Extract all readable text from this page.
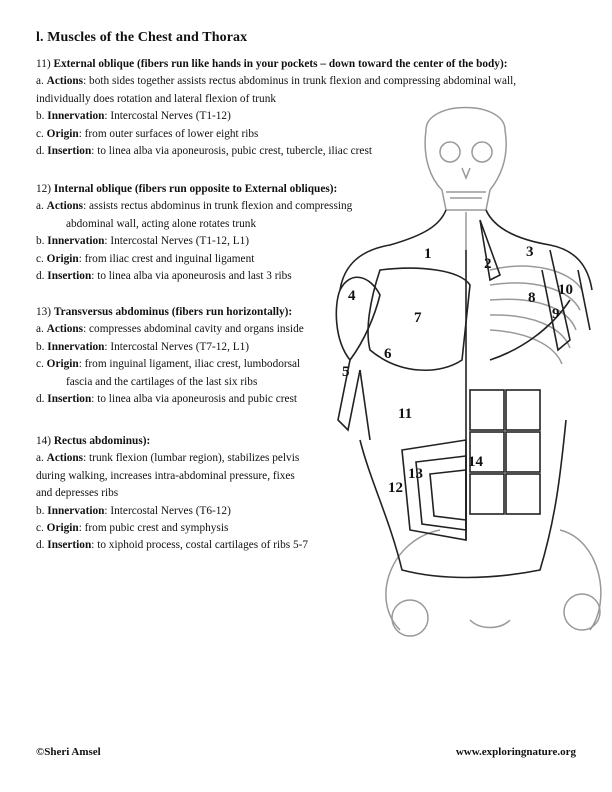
l. Muscles of the Chest and Thorax

11) External oblique (fibers run like hands in your pockets – down toward the center of the body):

a. Actions: both sides together assists rectus abdominus in trunk flexion and compressing abdominal wall,

individually does rotation and lateral flexion of trunk

b. Innervation: Intercostal Nerves (T1-12)

c. Origin: from outer surfaces of lower eight ribs

d. Insertion: to linea alba via aponeurosis, pubic crest, tubercle, iliac crest

12) Internal oblique (fibers run opposite to External obliques):

a. Actions: assists rectus abdominus in trunk flexion and compressing

abdominal wall, acting alone rotates trunk

b. Innervation: Intercostal Nerves (T1-12, L1)

c. Origin: from iliac crest and inguinal ligament

d. Insertion: to linea alba via aponeurosis and last 3 ribs

13) Transversus abdominus (fibers run horizontally):

a. Actions: compresses abdominal cavity and organs inside

b. Innervation: Intercostal Nerves (T7-12, L1)

c. Origin: from inguinal ligament, iliac crest, lumbodorsal

fascia and the cartilages of the last six ribs

d. Insertion: to linea alba via aponeurosis and pubic crest

14) Rectus abdominus):

a. Actions: trunk flexion (lumbar region), stabilizes pelvis

during walking, increases intra-abdominal pressure, fixes

and depresses ribs

b. Innervation: Intercostal Nerves (T6-12)

c. Origin: from pubic crest and symphysis

d. Insertion: to xiphoid process, costal cartilages of ribs 5-7

1
2
3
4
5
6
7
8
9
10
11
12
13
14
©Sheri Amsel	www.exploringnature.org
